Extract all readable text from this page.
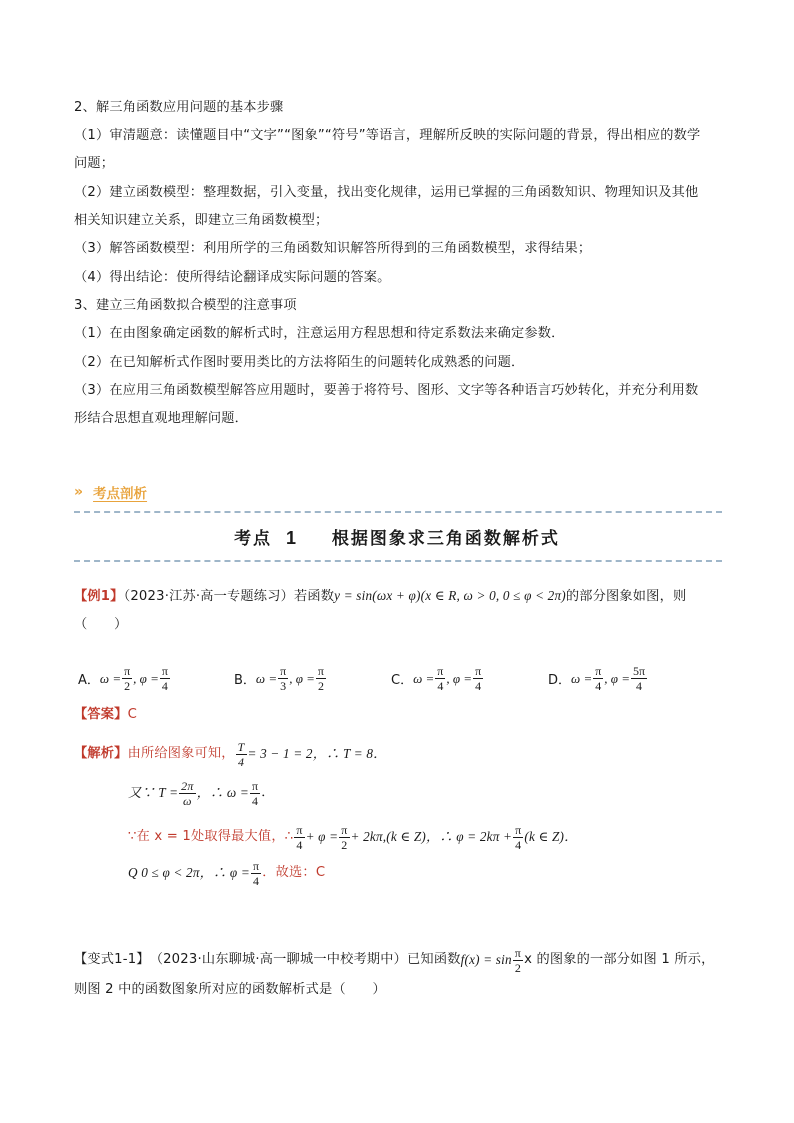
2、解三角函数应用问题的基本步骤
（1）审清题意：读懂题目中“文字”“图象”“符号”等语言，理解所反映的实际问题的背景，得出相应的数学
问题；
（2）建立函数模型：整理数据，引入变量，找出变化规律，运用已掌握的三角函数知识、物理知识及其他
相关知识建立关系，即建立三角函数模型；
（3）解答函数模型：利用所学的三角函数知识解答所得到的三角函数模型，求得结果；
（4）得出结论：使所得结论翻译成实际问题的答案。
3、建立三角函数拟合模型的注意事项
（1）在由图象确定函数的解析式时，注意运用方程思想和待定系数法来确定参数．
（2）在已知解析式作图时要用类比的方法将陌生的问题转化成熟悉的问题．
（3）在应用三角函数模型解答应用题时，要善于将符号、图形、文字等各种语言巧妙转化，并充分利用数
形结合思想直观地理解问题．
» 考点剖析
考点 1 根据图象求三角函数解析式
【例1】（2023·江苏·高一专题练习）若函数y = sin(ωx + φ)(x ∈ R, ω > 0, 0 ≤ φ < 2π)的部分图象如图，则
（　　）
A． $\omega = \frac{\pi}{2}$ , $\varphi = \frac{\pi}{4}$	B． $\omega = \frac{\pi}{3}$ , $\varphi = \frac{\pi}{2}$	C． $\omega = \frac{\pi}{4}$ , $\varphi = \frac{\pi}{4}$	D． $\omega = \frac{\pi}{4}$ , $\varphi = \frac{5\pi}{4}$
【答案】C
【解析】 由所给图象可知， $\frac{T}{4} = 3 - 1 = 2$，∴ T = 8．
又∵ $T = \frac{2\pi}{\omega}$ ，∴ $\omega = \frac{\pi}{4}$ ．
∵在 x = 1处取得最大值，∴ $\frac{\pi}{4} + \varphi = \frac{\pi}{2} + 2k\pi,(k$ ∈ Z)，∴ $\varphi = 2k\pi + \frac{\pi}{4} (k$ ∈ Z)．
Q 0 ≤ φ < 2π，∴ $\varphi = \frac{\pi}{4}$ ．故选：C
【变式1-1】 （2023·山东聊城·高一聊城一中校考期中）已知函数 $f(x) = \sin \frac{\pi}{2}$ x 的图象的一部分如图 1 所示，
则图 2 中的函数图象所对应的函数解析式是（　　）
